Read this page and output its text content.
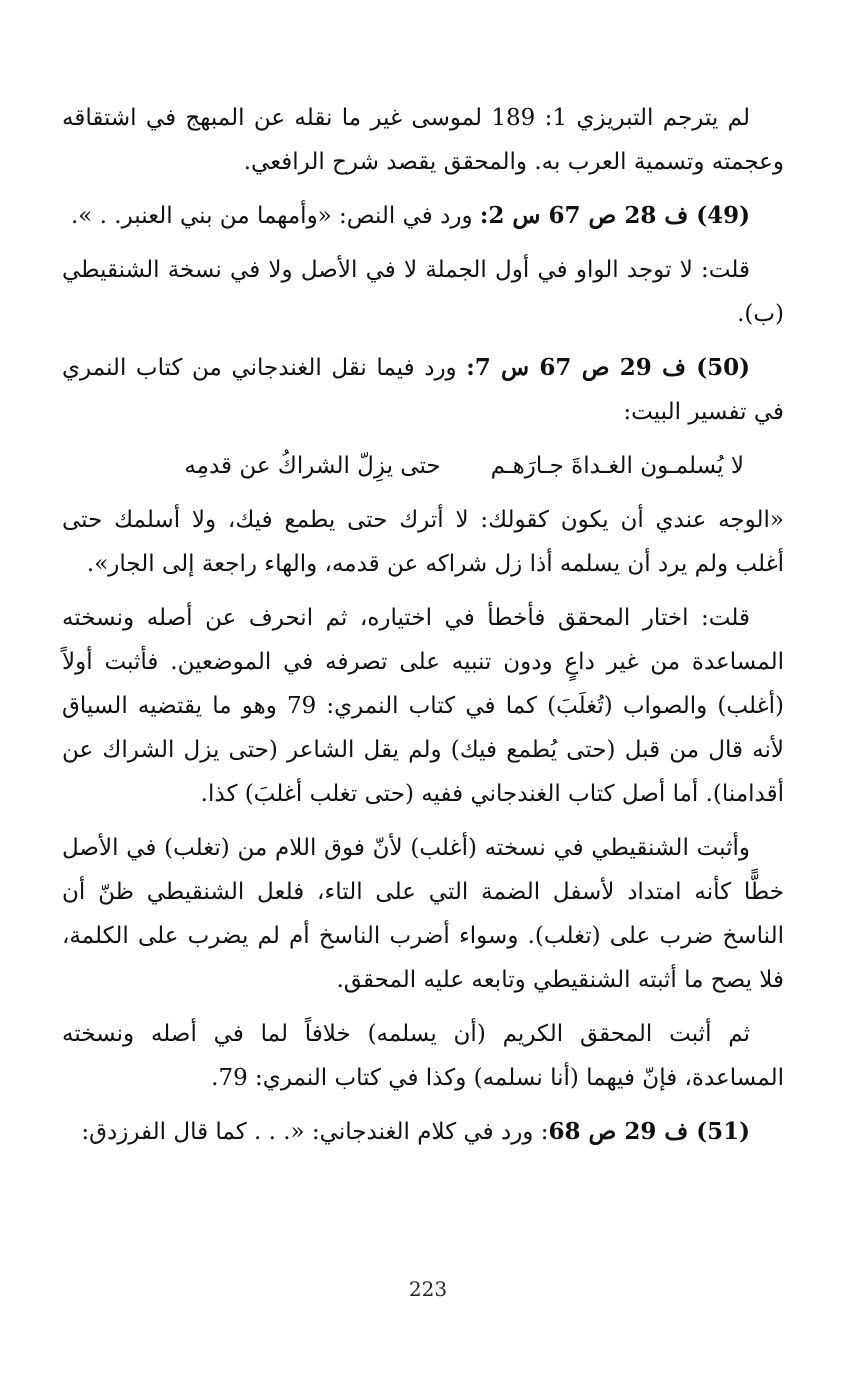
لم يترجم التبريزي 1: 189 لموسى غير ما نقله عن المبهج في اشتقاقه وعجمته وتسمية العرب به. والمحقق يقصد شرح الرافعي.

(49) ف 28 ص 67 س 2: ورد في النص: «وأمهما من بني العنبر. . ».

قلت: لا توجد الواو في أول الجملة لا في الأصل ولا في نسخة الشنقيطي (ب).

(50) ف 29 ص 67 س 7: ورد فيما نقل الغندجاني من كتاب النمري في تفسير البيت:

لا يُسلمـون الغـداةَ جـارَهـم
حتى يزِلّ الشراكُ عن قدمِه

«الوجه عندي أن يكون كقولك: لا أترك حتى يطمع فيك، ولا أسلمك حتى أغلب ولم يرد أن يسلمه أذا زل شراكه عن قدمه، والهاء راجعة إلى الجار».

قلت: اختار المحقق فأخطأ في اختياره، ثم انحرف عن أصله ونسخته المساعدة من غير داعٍ ودون تنبيه على تصرفه في الموضعين. فأثبت أولاً (أغلب) والصواب (تُغلَبَ) كما في كتاب النمري: 79 وهو ما يقتضيه السياق لأنه قال من قبل (حتى يُطمع فيك) ولم يقل الشاعر (حتى يزل الشراك عن أقدامنا). أما أصل كتاب الغندجاني ففيه (حتى تغلب أغلبَ) كذا.

وأثبت الشنقيطي في نسخته (أغلب) لأنّ فوق اللام من (تغلب) في الأصل خطًّا كأنه امتداد لأسفل الضمة التي على التاء، فلعل الشنقيطي ظنّ أن الناسخ ضرب على (تغلب). وسواء أضرب الناسخ أم لم يضرب على الكلمة، فلا يصح ما أثبته الشنقيطي وتابعه عليه المحقق.

ثم أثبت المحقق الكريم (أن يسلمه) خلافاً لما في أصله ونسخته المساعدة، فإنّ فيهما (أنا نسلمه) وكذا في كتاب النمري: 79.

(51) ف 29 ص 68: ورد في كلام الغندجاني: «. . . كما قال الفرزدق:

223
